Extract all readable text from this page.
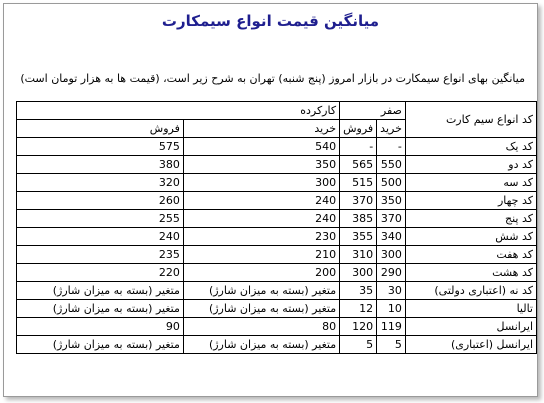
میانگین قیمت انواع سیمکارت
میانگین بهای انواع سیمکارت در بازار امروز (پنج شنبه) تهران به شرح زیر است، (قیمت ها به هزار تومان است)
کد انواع سیم کارت	صفر		کارکرده	
	خرید	فروش	خرید	فروش
کد یک	-	-	540	575
کد دو	550	565	350	380
کد سه	500	515	300	320
کد چهار	350	370	240	260
کد پنج	370	385	240	255
کد شش	340	355	230	240
کد هفت	300	310	210	235
کد هشت	290	300	200	220
کد نه (اعتباری دولتی)	30	35	متغیر (بسته به میزان شارژ)	متغیر (بسته به میزان شارژ)
تالیا	10	12	متغیر (بسته به میزان شارژ)	متغیر (بسته به میزان شارژ)
ایرانسل	119	120	80	90
ایرانسل (اعتباری)	5	5	متغیر (بسته به میزان شارژ)	متغیر (بسته به میزان شارژ)
